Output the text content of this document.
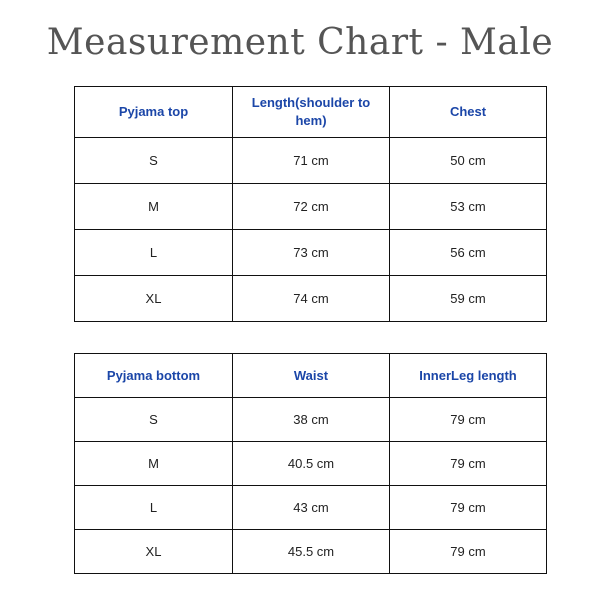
Measurement Chart - Male
Pyjama top	Length(shoulder to hem)	Chest
S	71 cm	50 cm
M	72 cm	53 cm
L	73 cm	56 cm
XL	74 cm	59 cm
Pyjama bottom	Waist	InnerLeg length
S	38 cm	79 cm
M	40.5 cm	79 cm
L	43 cm	79 cm
XL	45.5 cm	79 cm
